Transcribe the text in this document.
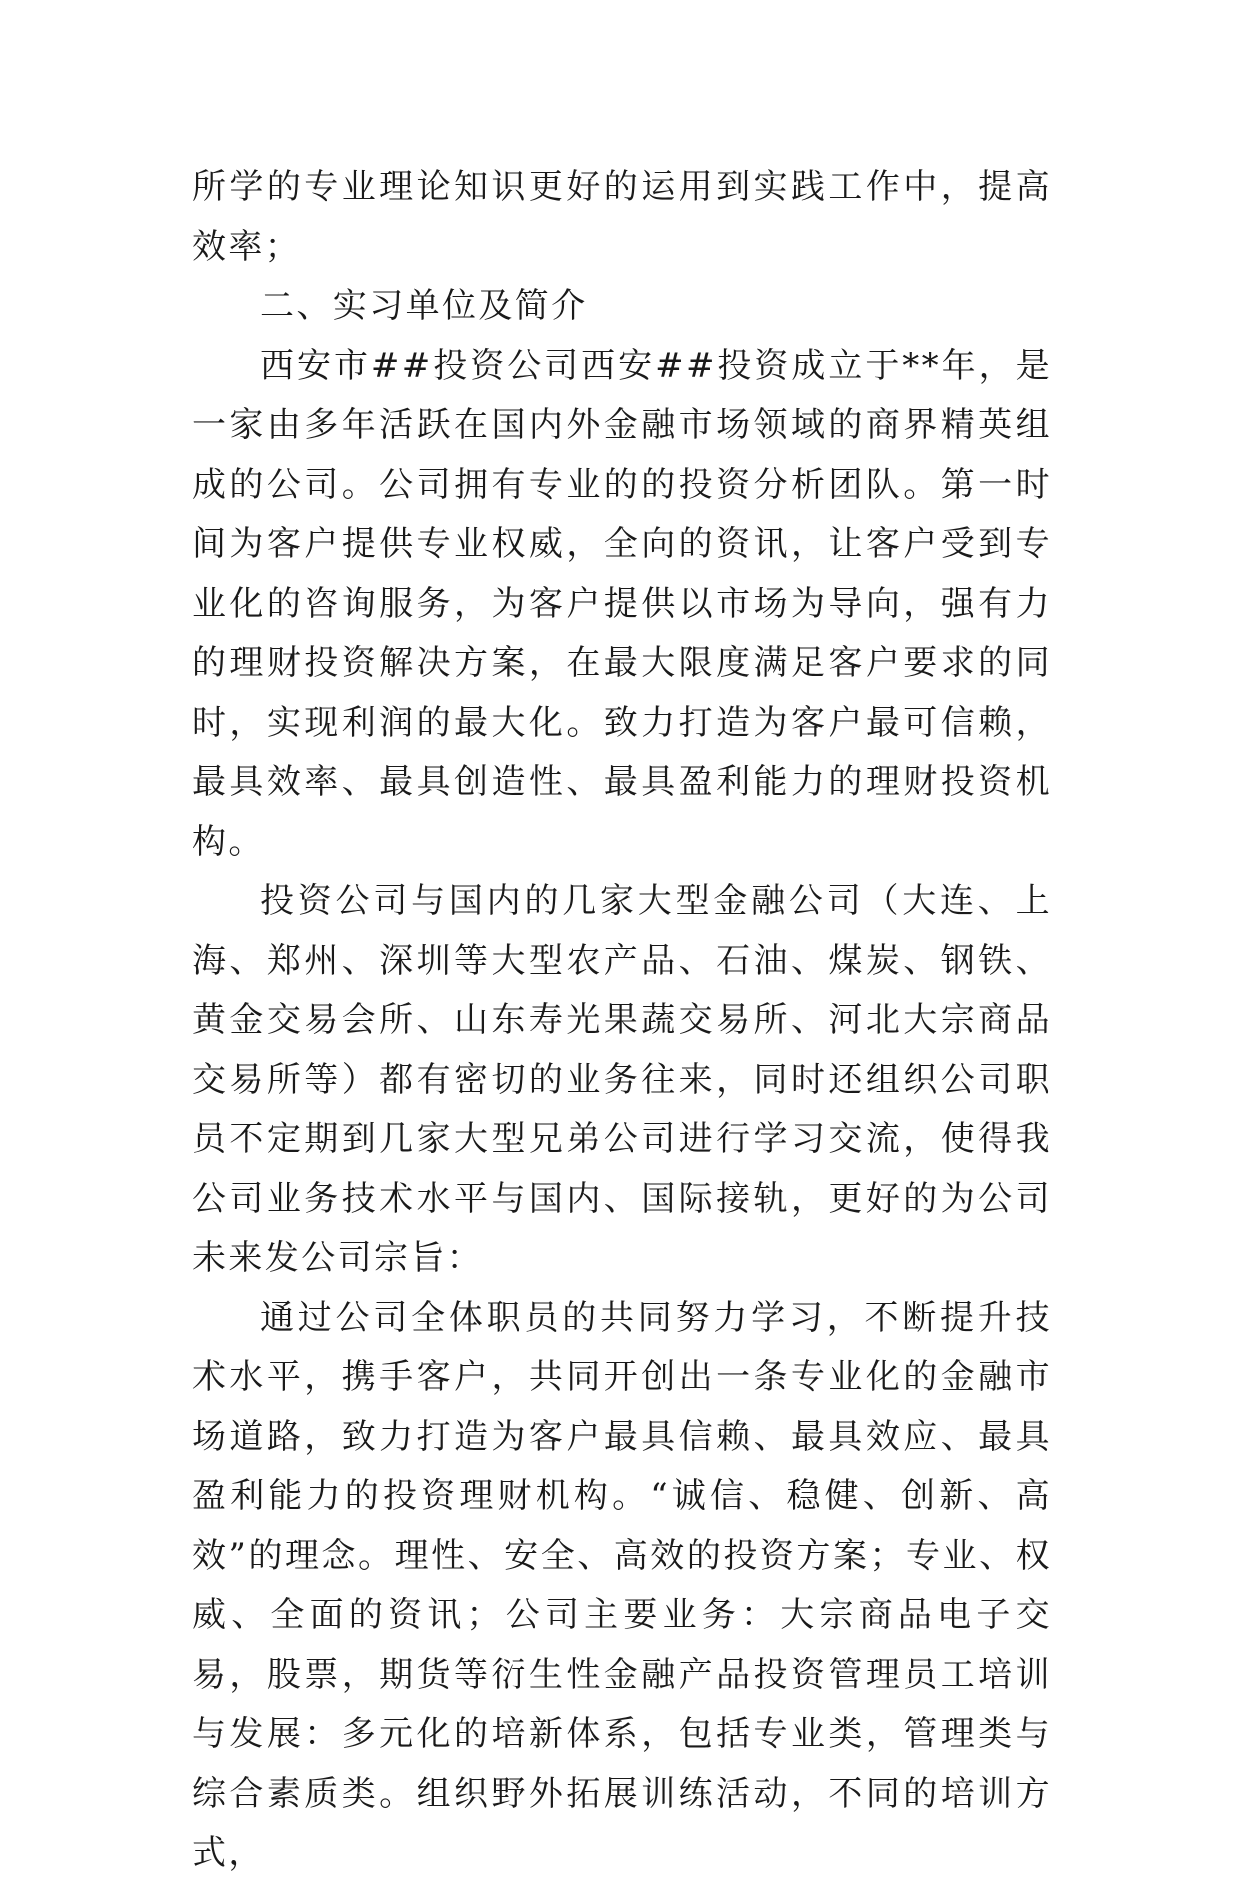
所学的专业理论知识更好的运用到实践工作中，提高效率；

二、实习单位及简介

西安市##投资公司西安##投资成立于**年，是一家由多年活跃在国内外金融市场领域的商界精英组成的公司。公司拥有专业的的投资分析团队。第一时间为客户提供专业权威，全向的资讯，让客户受到专业化的咨询服务，为客户提供以市场为导向，强有力的理财投资解决方案，在最大限度满足客户要求的同时，实现利润的最大化。致力打造为客户最可信赖，最具效率、最具创造性、最具盈利能力的理财投资机构。

投资公司与国内的几家大型金融公司（大连、上海、郑州、深圳等大型农产品、石油、煤炭、钢铁、黄金交易会所、山东寿光果蔬交易所、河北大宗商品交易所等）都有密切的业务往来，同时还组织公司职员不定期到几家大型兄弟公司进行学习交流，使得我公司业务技术水平与国内、国际接轨，更好的为公司未来发公司宗旨：

通过公司全体职员的共同努力学习，不断提升技术水平，携手客户，共同开创出一条专业化的金融市场道路，致力打造为客户最具信赖、最具效应、最具盈利能力的投资理财机构。“诚信、稳健、创新、高效”的理念。理性、安全、高效的投资方案；专业、权威、全面的资讯；公司主要业务：大宗商品电子交易，股票，期货等衍生性金融产品投资管理员工培训与发展：多元化的培新体系，包括专业类，管理类与综合素质类。组织野外拓展训练活动，不同的培训方式，
